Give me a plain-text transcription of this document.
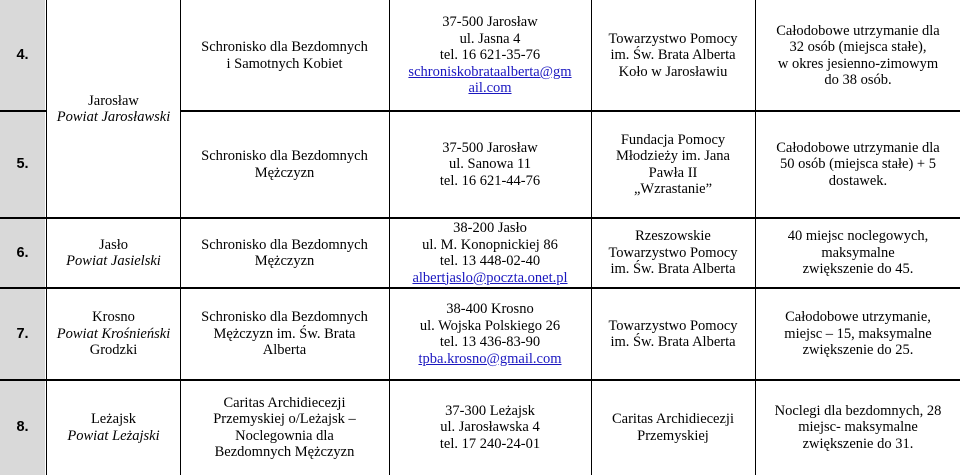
4.
Jarosław
Powiat Jarosławski
Schronisko dla Bezdomnych
i Samotnych Kobiet
37-500 Jarosław
ul. Jasna 4
tel. 16 621-35-76
schroniskobrataalberta@gm
ail.com
Towarzystwo Pomocy
im. Św. Brata Alberta
Koło w Jarosławiu
Całodobowe utrzymanie dla
32 osób (miejsca stałe),
w okres jesienno-zimowym
do 38 osób.
5.
Schronisko dla Bezdomnych
Mężczyzn
37-500 Jarosław
ul. Sanowa 11
tel. 16 621-44-76
Fundacja Pomocy
Młodzieży im. Jana
Pawła II
„Wzrastanie”
Całodobowe utrzymanie dla
50 osób (miejsca stałe) + 5
dostawek.
6.
Jasło
Powiat Jasielski
Schronisko dla Bezdomnych
Mężczyzn
38-200 Jasło
ul. M. Konopnickiej 86
tel. 13 448-02-40
albertjaslo@poczta.onet.pl
Rzeszowskie
Towarzystwo Pomocy
im. Św. Brata Alberta
40 miejsc noclegowych,
maksymalne
zwiększenie do 45.
7.
Krosno
Powiat Krośnieński
Grodzki
Schronisko dla Bezdomnych
Mężczyzn im. Św. Brata
Alberta
38-400 Krosno
ul. Wojska Polskiego 26
tel. 13 436-83-90
tpba.krosno@gmail.com
Towarzystwo Pomocy
im. Św. Brata Alberta
Całodobowe utrzymanie,
miejsc – 15, maksymalne
zwiększenie do 25.
8.
Leżajsk
Powiat Leżajski
Caritas Archidiecezji
Przemyskiej o/Leżajsk –
Noclegownia dla
Bezdomnych Mężczyzn
37-300 Leżajsk
ul. Jarosławska 4
tel. 17 240-24-01
Caritas Archidiecezji
Przemyskiej
Noclegi dla bezdomnych, 28
miejsc- maksymalne
zwiększenie do 31.
